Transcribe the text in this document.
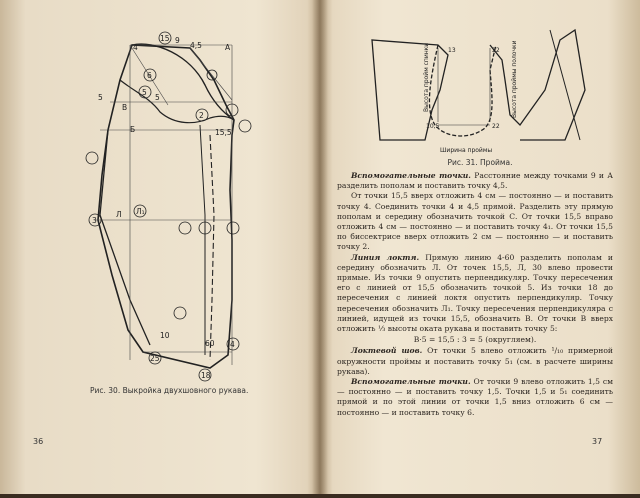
15 9
4,5	А
4
6
5
5
5
В
Б
2
15,5
3
Л Л₁
10
60 4
25
18
Рис. 30. Выкройка двухшовного рукава.
36
Высота пройм спинки	Высота проймы полочки
Ширина проймы
13	22
10,5	22
37
Рис. 31. Пройма.

Вспомогательные точки. Расстояние между точками 9 и А разделить пополам и поставить точку 4,5.

От точки 15,5 вверх отложить 4 см — постоянно — и поставить точку 4. Соединить точки 4 и 4,5 прямой. Разделить эту прямую пополам и середину обозначить точкой С. От точки 15,5 вправо отложить 4 см — постоянно — и поставить точку 4₁. От точки 15,5 по биссектрисе вверх отложить 2 см — постоянно — и поставить точку 2.

Линия локтя. Прямую линию 4-60 разделить пополам и середину обозначить Л. От точек 15,5, Л, 30 влево провести прямые. Из точки 9 опустить перпендикуляр. Точку пересечения его с линией от 15,5 обозначить точкой 5. Из точки 18 до пересечения с линией локтя опустить перпендикуляр. Точку пересечения обозначить Л₁. Точку пересечения перпендикуляра с линией, идущей из точки 15,5, обозначить В. От точки В вверх отложить ⅓ высоты оката рукава и поставить точку 5:

В·5 = 15,5 : 3 = 5 (округляем).

Локтевой шов. От точки 5 влево отложить ¹/₁₀ примерной окружности проймы и поставить точку 5₁ (см. в расчете ширины рукава).

Вспомогательные точки. От точки 9 влево отложить 1,5 см — постоянно — и поставить точку 1,5. Точки 1,5 и 5₁ соединить прямой и по этой линии от точки 1,5 вниз отложить 6 см — постоянно — и поставить точку 6.
